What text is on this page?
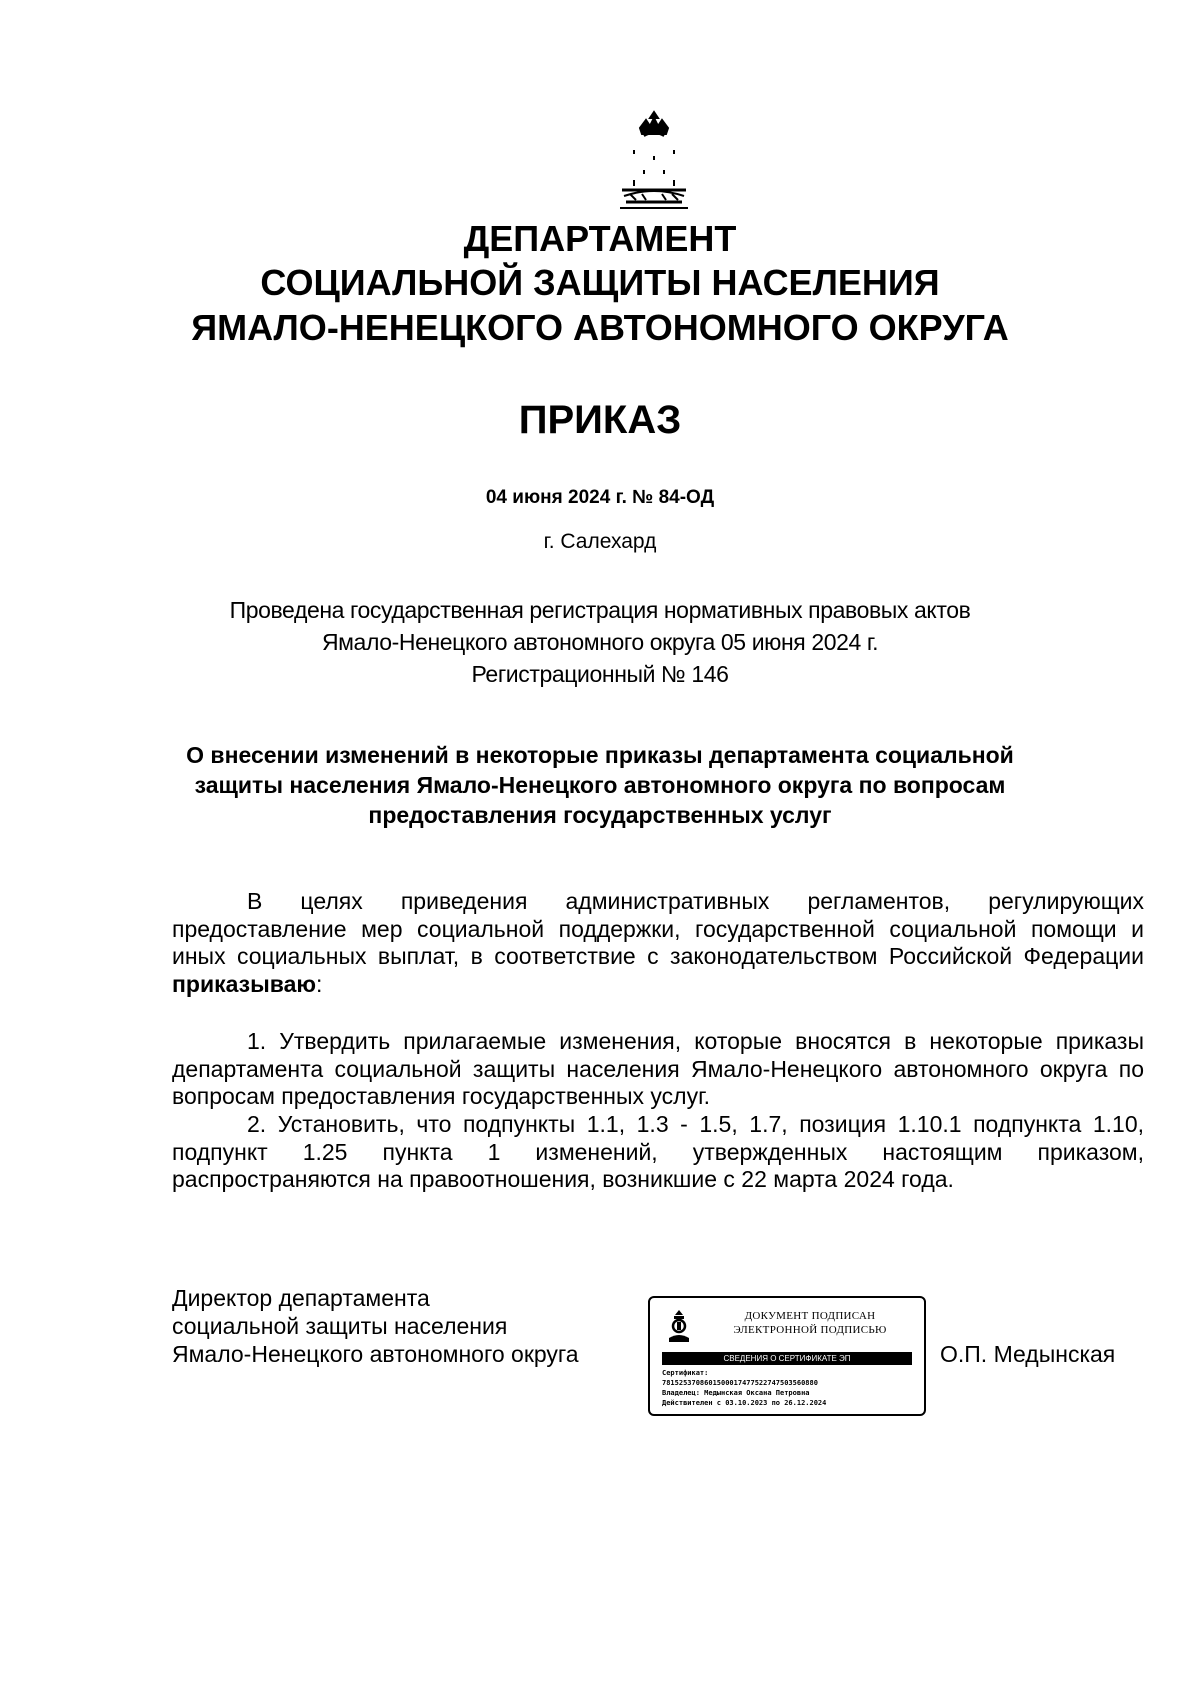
ДЕПАРТАМЕНТ
СОЦИАЛЬНОЙ ЗАЩИТЫ НАСЕЛЕНИЯ
ЯМАЛО-НЕНЕЦКОГО АВТОНОМНОГО ОКРУГА
ПРИКАЗ
04 июня 2024 г. № 84-ОД
г. Салехард
Проведена государственная регистрация нормативных правовых актов
Ямало-Ненецкого автономного округа 05 июня 2024 г.
Регистрационный № 146
О внесении изменений в некоторые приказы департамента социальной
защиты населения Ямало-Ненецкого автономного округа по вопросам
предоставления государственных услуг
В целях приведения административных регламентов, регулирующих предоставление мер социальной поддержки, государственной социальной помощи и иных социальных выплат, в соответствие с законодательством Российской Федерации приказываю:
1. Утвердить прилагаемые изменения, которые вносятся в некоторые приказы департамента социальной защиты населения Ямало-Ненецкого автономного округа по вопросам предоставления государственных услуг.
2. Установить, что подпункты 1.1, 1.3 - 1.5, 1.7, позиция 1.10.1 подпункта 1.10, подпункт 1.25 пункта 1 изменений, утвержденных настоящим приказом, распространяются на правоотношения, возникшие с 22 марта 2024 года.
Директор департамента
социальной защиты населения
Ямало-Ненецкого автономного округа
ДОКУМЕНТ ПОДПИСАН
ЭЛЕКТРОННОЙ ПОДПИСЬЮ
СВЕДЕНИЯ О СЕРТИФИКАТЕ ЭП
Сертификат:
7815253708601500017477522747503560880
Владелец: Медынская Оксана Петровна
Действителен с 03.10.2023 по 26.12.2024
О.П. Медынская
